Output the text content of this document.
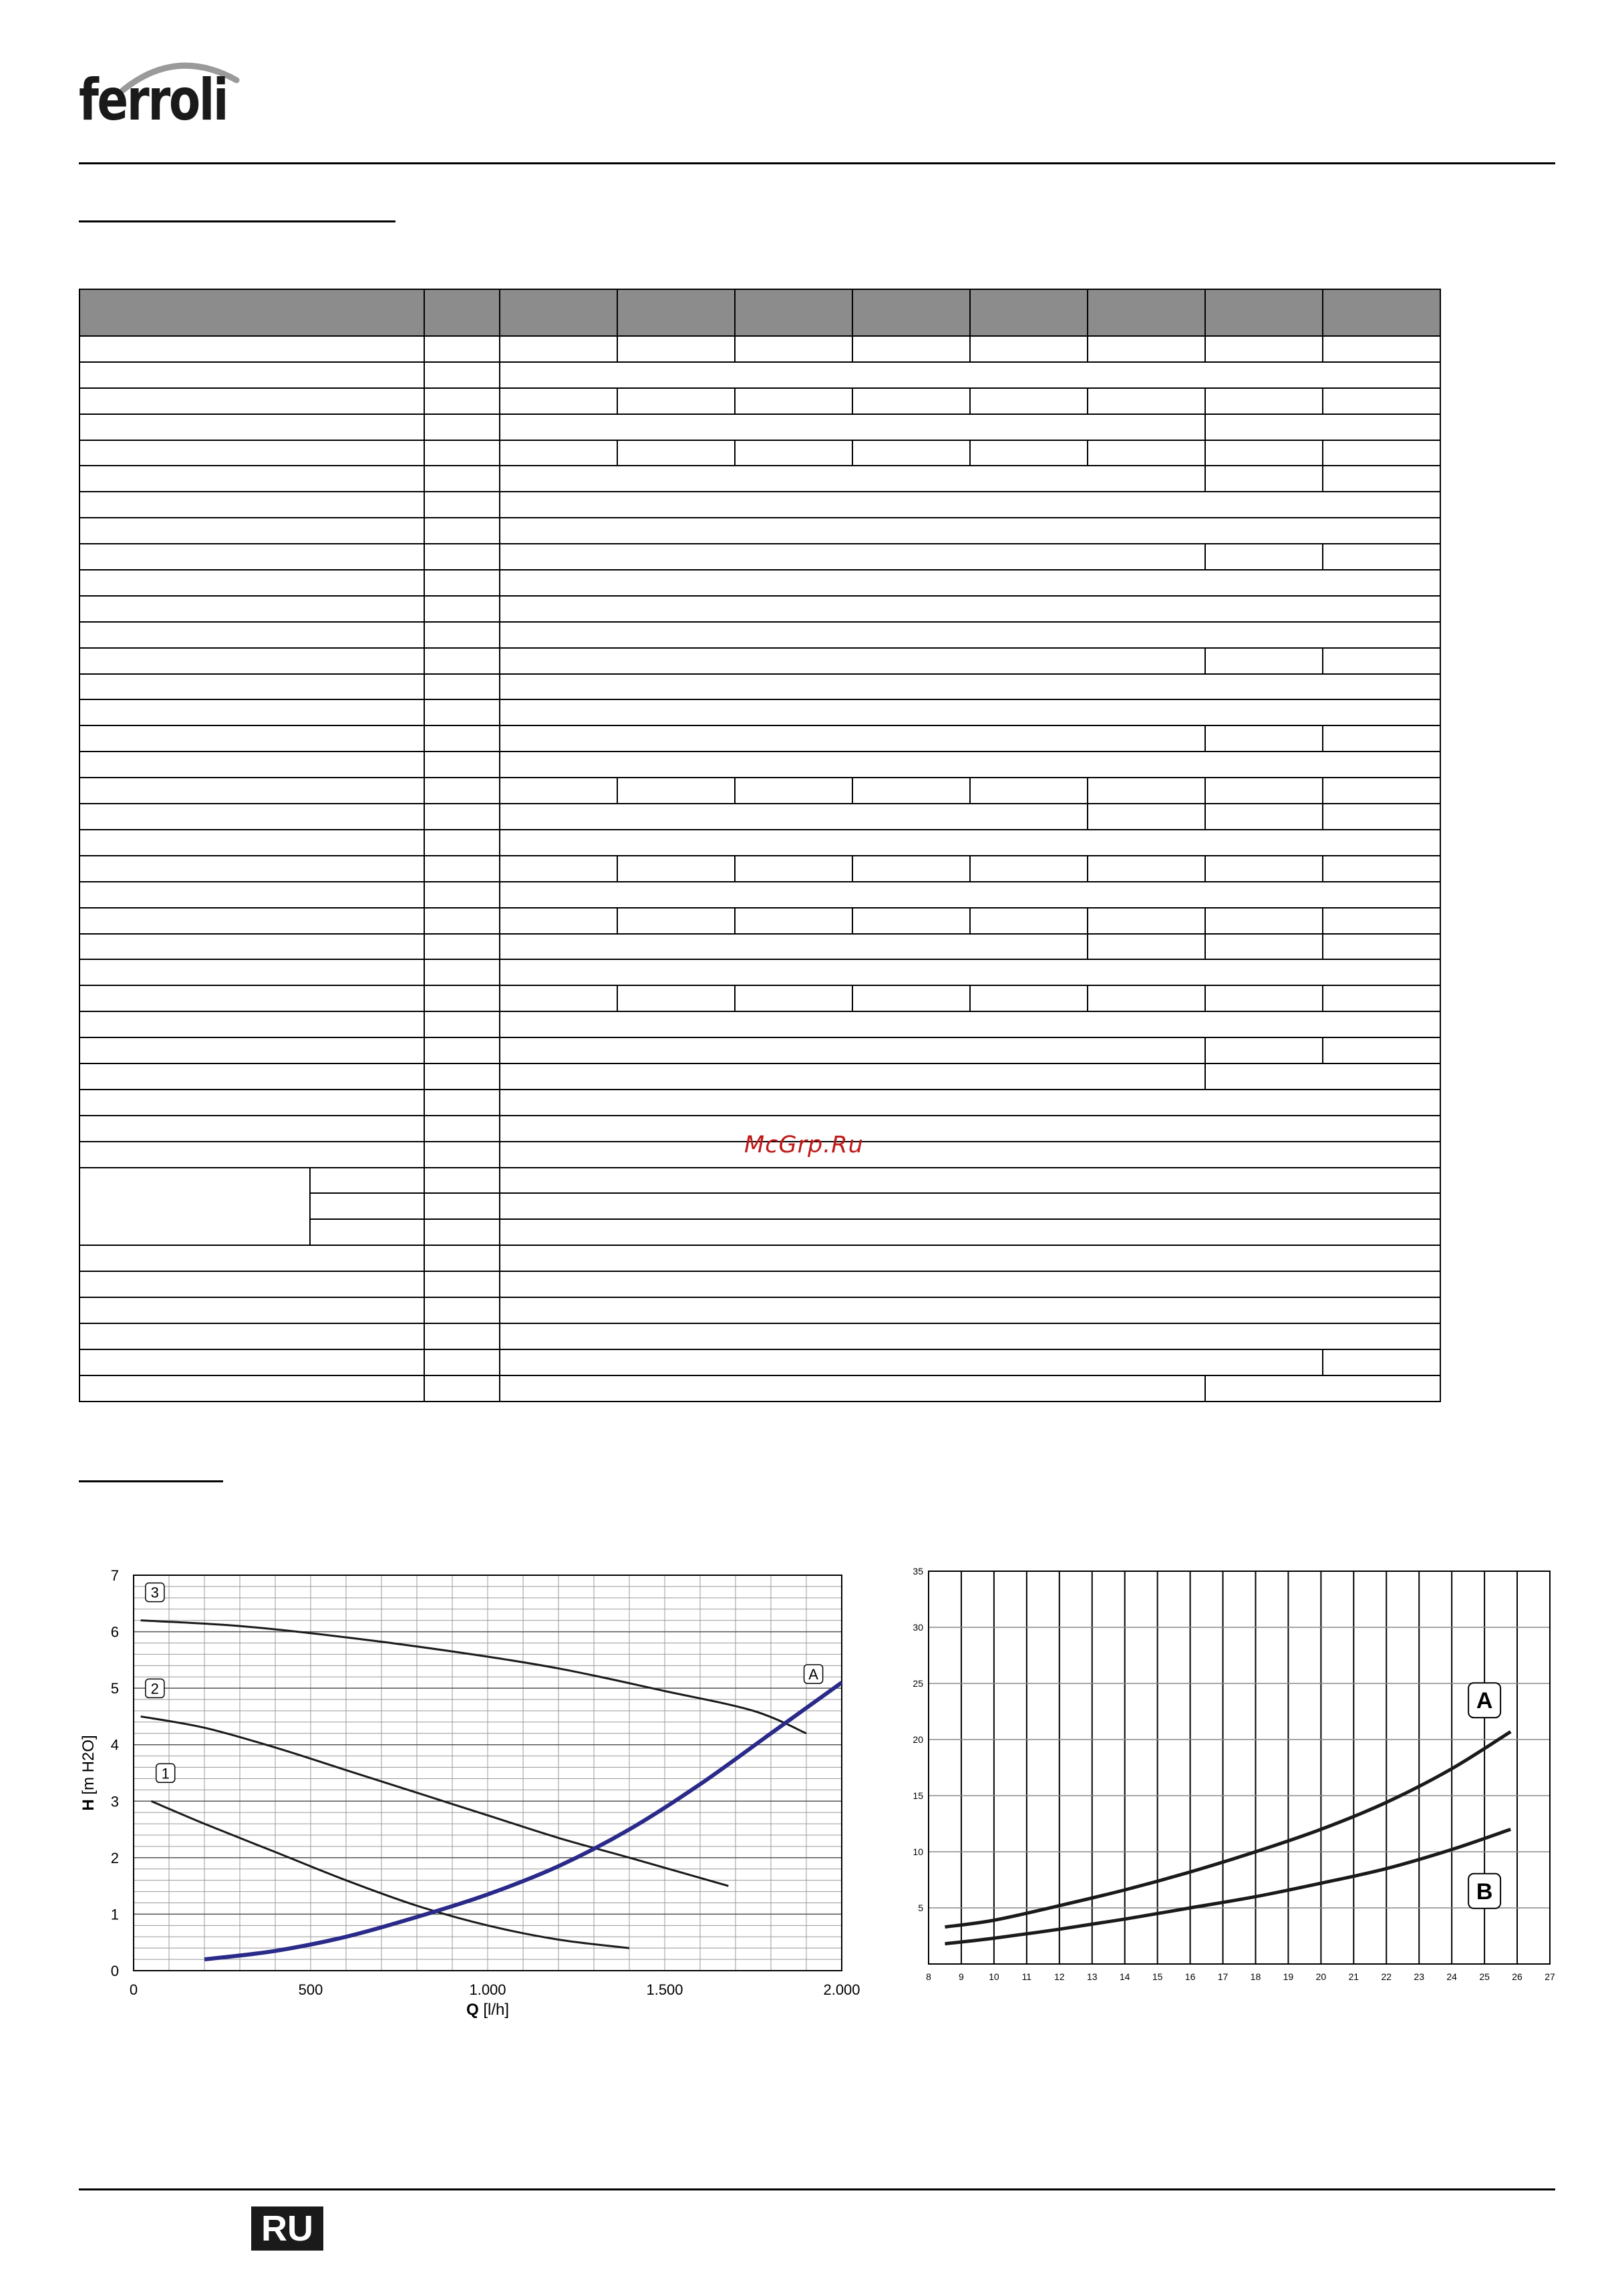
ferroli

McGrp.Ru
0
1
2
3
4
5
6
7
0	500	1.000	1.500	2.000
Q [l/h]
H [m H2O]	1
2
3
A
5
10
15
20
25
30
35
8	9	10 11 12 13 14 15 16 17 18 19 20 21 22 23 24 25 26 27
A
B
RU
